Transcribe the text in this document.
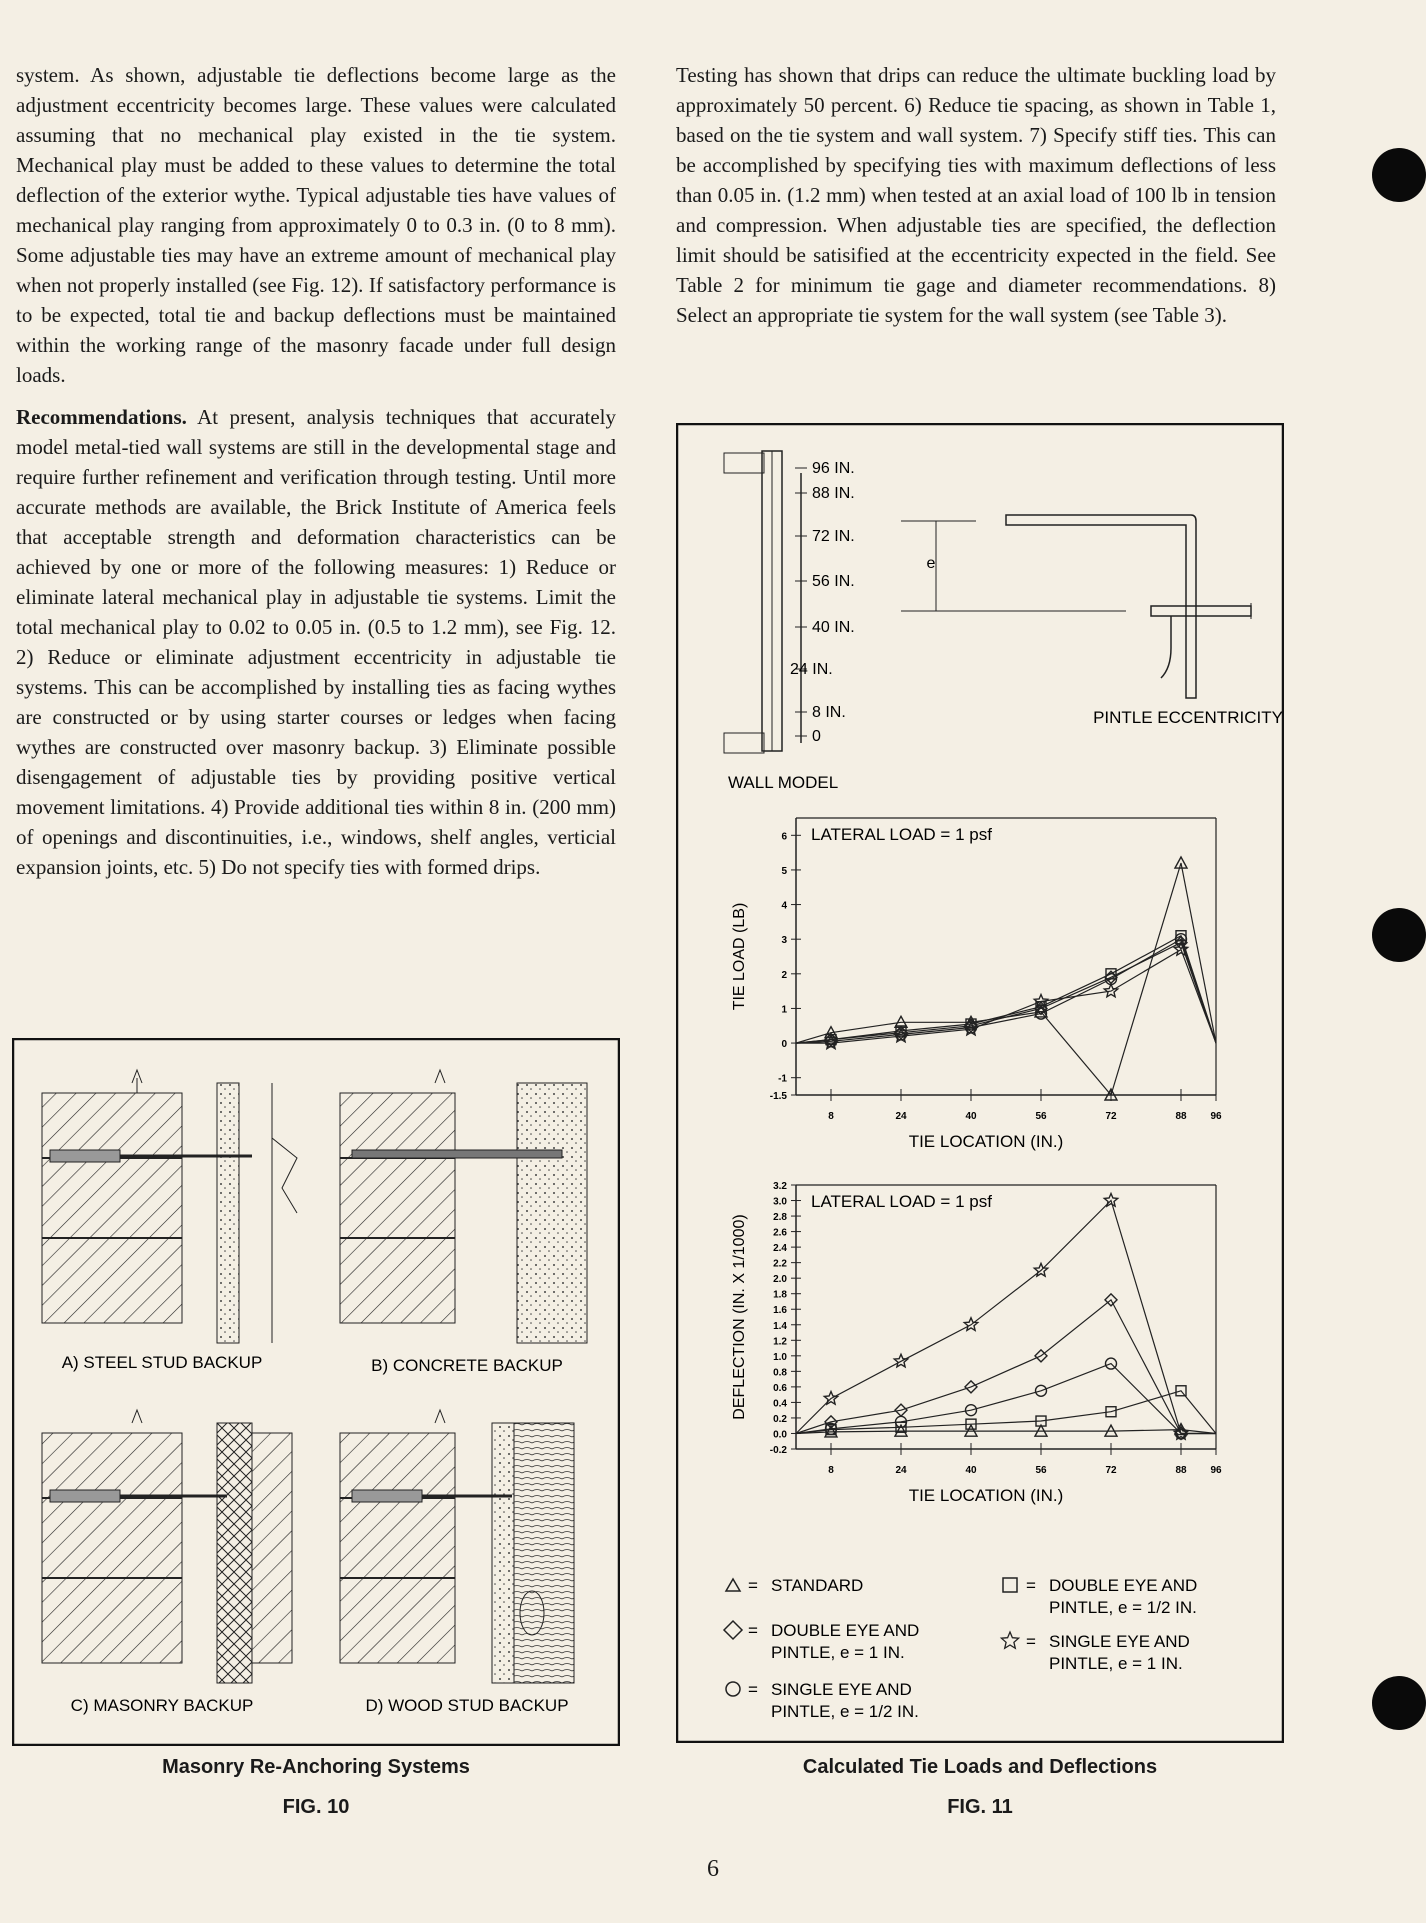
system. As shown, adjustable tie deflections become large as the adjustment eccentricity becomes large. These values were calculated assuming that no mechanical play existed in the tie system. Mechanical play must be added to these values to determine the total deflection of the exterior wythe. Typical adjustable ties have values of mechanical play ranging from approximately 0 to 0.3 in. (0 to 8 mm). Some adjustable ties may have an extreme amount of mechanical play when not properly installed (see Fig. 12). If satisfactory performance is to be expected, total tie and backup deflections must be maintained within the working range of the masonry facade under full design loads.

Recommendations. At present, analysis techniques that accurately model metal-tied wall systems are still in the developmental stage and require further refinement and verification through testing. Until more accurate methods are available, the Brick Institute of America feels that acceptable strength and deformation characteristics can be achieved by one or more of the following measures: 1) Reduce or eliminate lateral mechanical play in adjustable tie systems. Limit the total mechanical play to 0.02 to 0.05 in. (0.5 to 1.2 mm), see Fig. 12. 2) Reduce or eliminate adjustment eccentricity in adjustable tie systems. This can be accomplished by installing ties as facing wythes are constructed or by using starter courses or ledges when facing wythes are constructed over masonry backup. 3) Eliminate possible disengagement of adjustable ties by providing positive vertical movement limitations. 4) Provide additional ties within 8 in. (200 mm) of openings and discontinuities, i.e., windows, shelf angles, verticial expansion joints, etc. 5) Do not specify ties with formed drips.

Testing has shown that drips can reduce the ultimate buckling load by approximately 50 percent. 6) Reduce tie spacing, as shown in Table 1, based on the tie system and wall system. 7) Specify stiff ties. This can be accomplished by specifying ties with maximum deflections of less than 0.05 in. (1.2 mm) when tested at an axial load of 100 lb in tension and compression. When adjustable ties are specified, the deflection limit should be satisified at the eccentricity expected in the field. See Table 2 for minimum tie gage and diameter recommendations. 8) Select an appropriate tie system for the wall system (see Table 3).

A) STEEL STUD BACKUP	B) CONCRETE BACKUP
C) MASONRY BACKUP	D) WOOD STUD BACKUP
Masonry Re-Anchoring Systems
FIG. 10
96 IN.
88 IN.
72 IN.
56 IN.
40 IN.
24 IN.
8 IN.
0
WALL MODEL
e
PINTLE ECCENTRICITY
LATERAL LOAD = 1 psf
8	24	40	56	72	88 96
TIE LOCATION (IN.)
6
5
4
3
2
1
0
-1
-1.5
TIE LOAD (LB)
LATERAL LOAD = 1 psf
8	24	40	56	72	88 96
TIE LOCATION (IN.)
3.2
3.0
2.8
2.6
2.4
2.2
2.0
1.8
1.6
1.4
1.2
1.0
0.8
0.6
0.4
0.2
0.0
-0.2
DEFLECTION (IN. X 1/1000)
= STANDARD
= DOUBLE EYE AND
PINTLE, e = 1 IN.
= SINGLE EYE AND
PINTLE, e = 1/2 IN.
= DOUBLE EYE AND
PINTLE, e = 1/2 IN.
= SINGLE EYE AND
PINTLE, e = 1 IN.
Calculated Tie Loads and Deflections
FIG. 11
6
